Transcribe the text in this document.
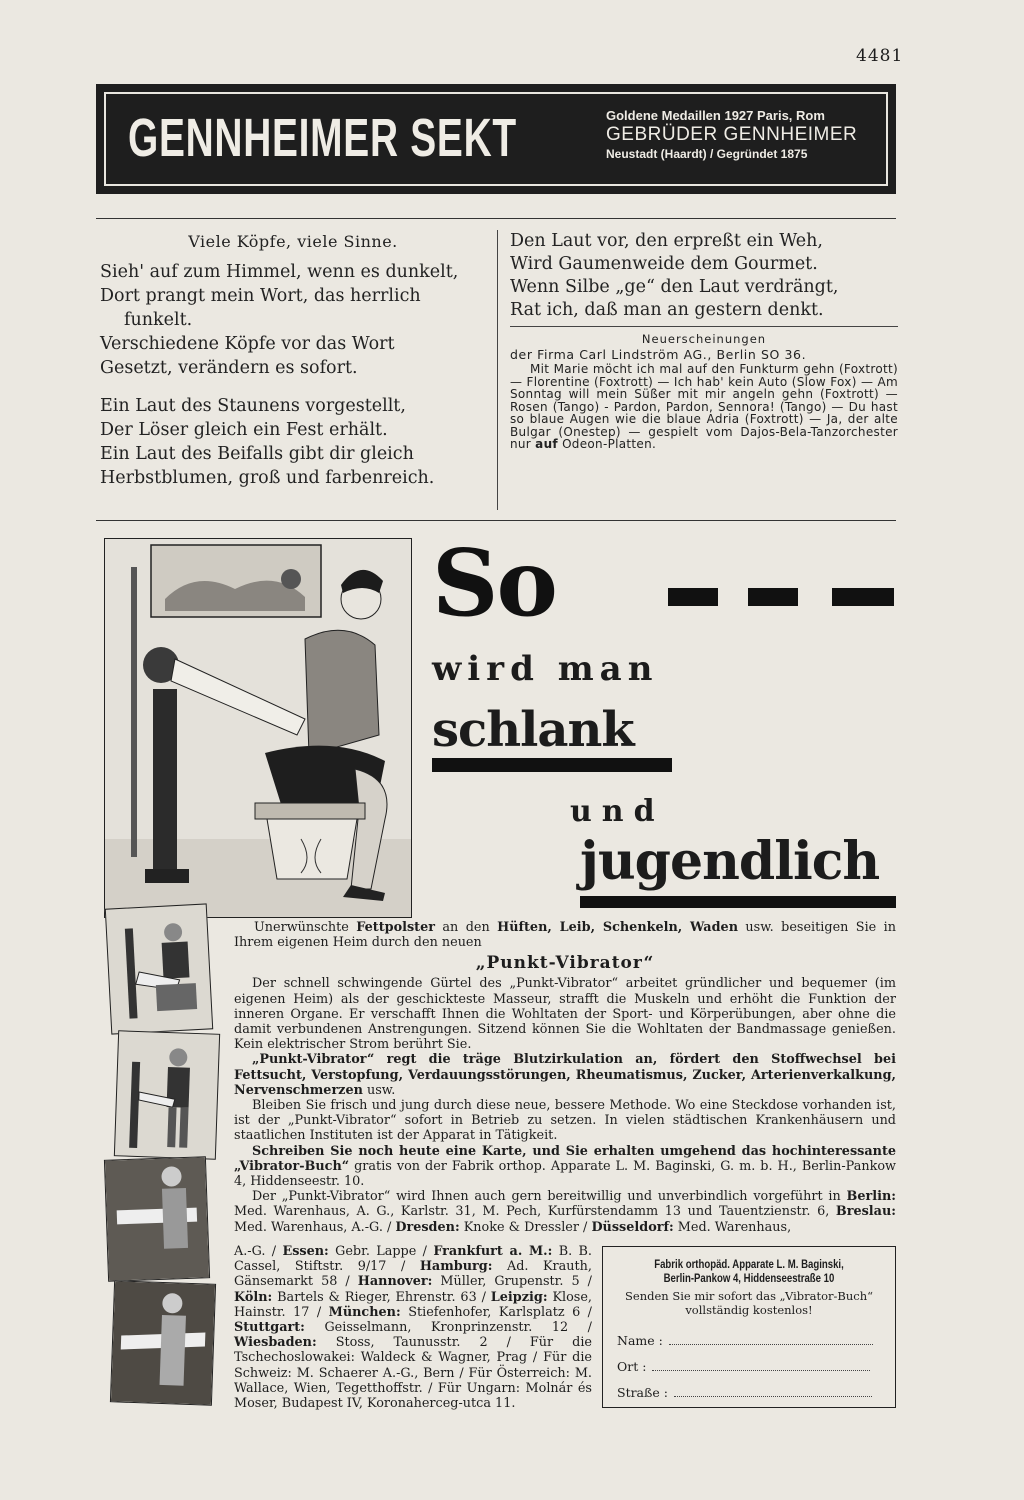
4481
GENNHEIMER SEKT	Goldene Medaillen 1927 Paris, Rom
GEBRÜDER GENNHEIMER
Neustadt (Haardt) / Gegründet 1875
Viele Köpfe, viele Sinne.
Sieh' auf zum Himmel, wenn es dunkelt,
Dort prangt mein Wort, das herrlich
funkelt.
Verschiedene Köpfe vor das Wort
Gesetzt, verändern es sofort.
Ein Laut des Staunens vorgestellt,
Der Löser gleich ein Fest erhält.
Ein Laut des Beifalls gibt dir gleich
Herbstblumen, groß und farbenreich.
Den Laut vor, den erpreßt ein Weh,
Wird Gaumenweide dem Gourmet.
Wenn Silbe „ge“ den Laut verdrängt,
Rat ich, daß man an gestern denkt.
Neuerscheinungen
der Firma Carl Lindström AG., Berlin SO 36.
Mit Marie möcht ich mal auf den Funkturm gehn (Foxtrott) — Florentine (Foxtrott) — Ich hab' kein Auto (Slow Fox) — Am Sonntag will mein Süßer mit mir angeln gehn (Foxtrott) — Rosen (Tango) - Pardon, Pardon, Sennora! (Tango) — Du hast so blaue Augen wie die blaue Adria (Foxtrott) — Ja, der alte Bulgar (Onestep) — gespielt vom Dajos-Bela-Tanzorchester nur auf Odeon-Platten.
So
wird man
schlank
und
jugendlich

Unerwünschte Fettpolster an den Hüften, Leib, Schenkeln, Waden usw. beseitigen Sie in Ihrem eigenen Heim durch den neuen

„Punkt-Vibrator“

Der schnell schwingende Gürtel des „Punkt-Vibrator“ arbeitet gründlicher und bequemer (im eigenen Heim) als der geschickteste Masseur, strafft die Muskeln und erhöht die Funktion der inneren Organe. Er verschafft Ihnen die Wohltaten der Sport- und Körperübungen, aber ohne die damit verbundenen Anstrengungen. Sitzend können Sie die Wohltaten der Bandmassage genießen. Kein elektrischer Strom berührt Sie.

„Punkt-Vibrator“ regt die träge Blutzirkulation an, fördert den Stoffwechsel bei Fettsucht, Verstopfung, Verdauungsstörungen, Rheumatismus, Zucker, Arterienverkalkung, Nervenschmerzen usw.

Bleiben Sie frisch und jung durch diese neue, bessere Methode. Wo eine Steckdose vorhanden ist, ist der „Punkt-Vibrator“ sofort in Betrieb zu setzen. In vielen städtischen Krankenhäusern und staatlichen Instituten ist der Apparat in Tätigkeit.

Schreiben Sie noch heute eine Karte, und Sie erhalten umgehend das hochinteressante „Vibrator-Buch“ gratis von der Fabrik orthop. Apparate L. M. Baginski, G. m. b. H., Berlin-Pankow 4, Hiddenseestr. 10.

Der „Punkt-Vibrator“ wird Ihnen auch gern bereitwillig und unverbindlich vorgeführt in Berlin: Med. Warenhaus, A. G., Karlstr. 31, M. Pech, Kurfürstendamm 13 und Tauentzienstr. 6, Breslau: Med. Warenhaus, A.-G. / Dresden: Knoke & Dressler / Düsseldorf: Med. Warenhaus,

A.-G. / Essen: Gebr. Lappe / Frankfurt a. M.: B. B. Cassel, Stiftstr. 9/17 / Hamburg: Ad. Krauth, Gänsemarkt 58 / Hannover: Müller, Grupenstr. 5 / Köln: Bartels & Rieger, Ehrenstr. 63 / Leipzig: Klose, Hainstr. 17 / München: Stiefenhofer, Karlsplatz 6 / Stuttgart: Geisselmann, Kronprinzenstr. 12 / Wiesbaden: Stoss, Taunusstr. 2 / Für die Tschechoslowakei: Waldeck & Wagner, Prag / Für die Schweiz: M. Schaerer A.-G., Bern / Für Österreich: M. Wallace, Wien, Tegetthoffstr. / Für Ungarn: Molnár és Moser, Budapest IV, Koronaherceg-utca 11.
Fabrik orthopäd. Apparate L. M. Baginski,
Berlin-Pankow 4, Hiddenseestraße 10
Senden Sie mir sofort das „Vibrator-Buch“ vollständig kostenlos!
Name :
Ort :
Straße :
